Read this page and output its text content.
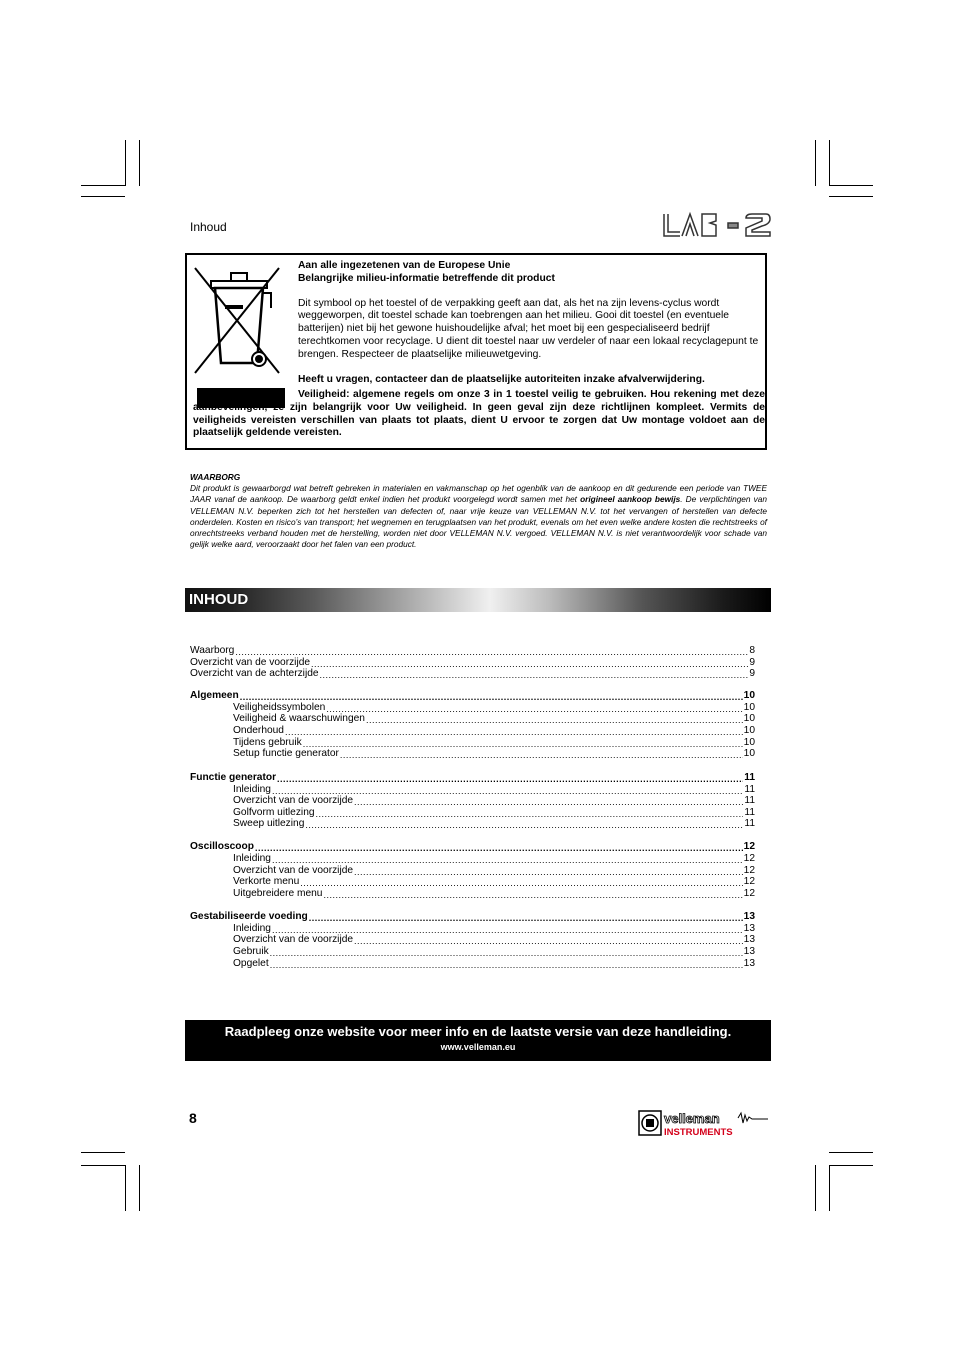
Inhoud

Aan alle ingezetenen van de Europese Unie

Belangrijke milieu-informatie betreffende dit product

Dit symbool op het toestel of de verpakking geeft aan dat, als het na zijn levens-cyclus wordt weggeworpen, dit toestel schade kan toebrengen aan het milieu. Gooi dit toestel (en eventuele batterijen) niet bij het gewone huishoudelijke afval; het moet bij een gespecialiseerd bedrijf terechtkomen voor recyclage. U dient dit toestel naar uw verdeler of naar een lokaal recyclagepunt te brengen. Respecteer de plaatselijke milieuwetgeving.

Heeft u vragen, contacteer dan de plaatselijke autoriteiten inzake afvalverwijdering.

Veiligheid: algemene regels om onze 3 in 1 toestel veilig te gebruiken. Hou rekening met deze aanbevelingen, ze zijn belangrijk voor Uw veiligheid. In geen geval zijn deze richtlijnen kompleet. Vermits de veiligheids vereisten verschillen van plaats tot plaats, dient U ervoor te zorgen dat Uw montage voldoet aan de plaatselijk geldende vereisten.
WAARBORG
Dit produkt is gewaarborgd wat betreft gebreken in materialen en vakmanschap op het ogenblik van de aankoop en dit gedurende een periode van TWEE JAAR vanaf de aankoop. De waarborg geldt enkel indien het produkt voorgelegd wordt samen met het origineel aankoop bewijs. De verplichtingen van VELLEMAN N.V. beperken zich tot het herstellen van defecten of, naar vrije keuze van VELLEMAN N.V. tot het vervangen of herstellen van defecte onderdelen. Kosten en risico’s van transport; het wegnemen en terugplaatsen van het produkt, evenals om het even welke andere kosten die rechtstreeks of onrechtstreeks verband houden met de herstelling, worden niet door VELLEMAN N.V. vergoed. VELLEMAN N.V. is niet verantwoordelijk voor schade van gelijk welke aard, veroorzaakt door het falen van een product.
INHOUD
Waarborg .....	8
Overzicht van de voorzijde .....	9
Overzicht van de achterzijde .....	9
Algemeen .....	10
Veiligheidssymbolen .....	10
Veiligheid & waarschuwingen .....	10
Onderhoud .....	10
Tijdens gebruik .....	10
Setup functie generator .....	10
Functie generator .....	11
Inleiding .....	11
Overzicht van de voorzijde .....	11
Golfvorm uitlezing .....	11
Sweep uitlezing .....	11
Oscilloscoop .....	12
Inleiding .....	12
Overzicht van de voorzijde .....	12
Verkorte menu .....	12
Uitgebreidere menu .....	12
Gestabiliseerde voeding .....	13
Inleiding .....	13
Overzicht van de voorzijde .....	13
Gebruik .....	13
Opgelet .....	13
Raadpleeg onze website voor meer info en de laatste versie van deze handleiding.
www.velleman.eu
8	velleman
INSTRUMENTS
